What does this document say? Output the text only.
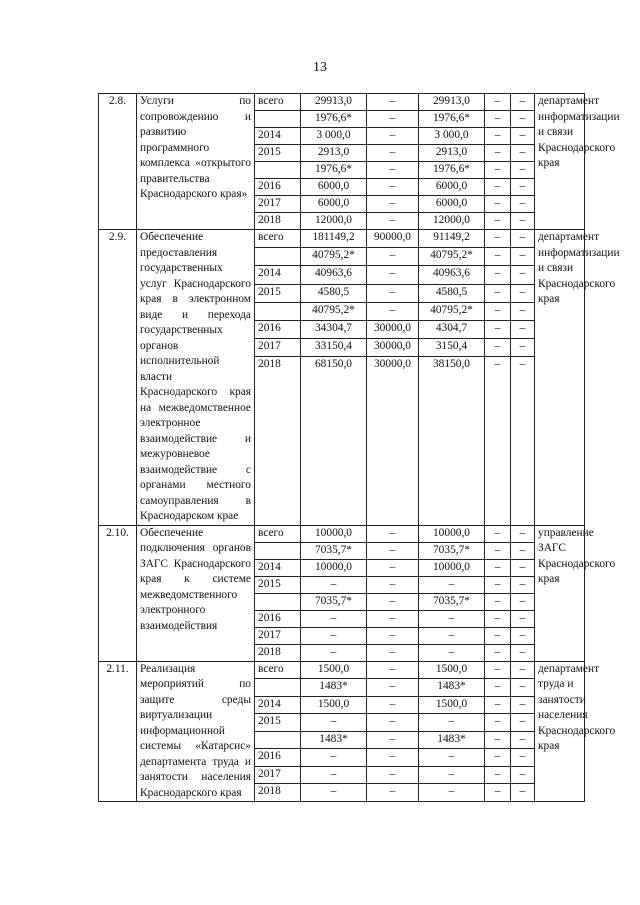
13
2.8.	Услуги по сопровождению и развитию программного комплекса «открытого правительства Краснодарского края»	всего	29913,0	–	29913,0	–	–	департамент информатизации и связи Краснодарского края
			1976,6*	–	1976,6*	–	–	
		2014	3 000,0	–	3 000,0	–	–	
		2015	2913,0	–	2913,0	–	–	
			1976,6*	–	1976,6*	–	–	
		2016	6000,0	–	6000,0	–	–	
		2017	6000,0	–	6000,0	–	–	
		2018	12000,0	–	12000,0	–	–	
2.9.	Обеспечение предоставления государственных услуг Краснодарского края в электронном виде и перехода государственных органов исполнительной власти Краснодарского края на межведомственное электронное взаимодействие и межуровневое взаимодействие с органами местного самоуправления в Краснодарском крае	всего	181149,2	90000,0	91149,2	–	–	департамент информатизации и связи Краснодарского края
			40795,2*	–	40795,2*	–	–	
		2014	40963,6	–	40963,6	–	–	
		2015	4580,5	–	4580,5	–	–	
			40795,2*	–	40795,2*	–	–	
		2016	34304,7	30000,0	4304,7	–	–	
		2017	33150,4	30000,0	3150,4	–	–	
		2018	68150,0	30000,0	38150,0	–	–	
2.10.	Обеспечение подключения органов ЗАГС Краснодарского края к системе межведомственного электронного взаимодействия	всего	10000,0	–	10000,0	–	–	управление ЗАГС Краснодарского края
			7035,7*	–	7035,7*	–	–	
		2014	10000,0	–	10000,0	–	–	
		2015	–	–	–	–	–	
			7035,7*	–	7035,7*	–	–	
		2016	–	–	–	–	–	
		2017	–	–	–	–	–	
		2018	–	–	–	–	–	
2.11.	Реализация мероприятий по защите среды виртуализации информационной системы «Катарсис» департамента труда и занятости населения Краснодарского края	всего	1500,0	–	1500,0	–	–	департамент труда и занятости населения Краснодарского края
			1483*	–	1483*	–	–	
		2014	1500,0	–	1500,0	–	–	
		2015	–	–	–	–	–	
			1483*	–	1483*	–	–	
		2016	–	–	–	–	–	
		2017	–	–	–	–	–	
		2018	–	–	–	–	–	
